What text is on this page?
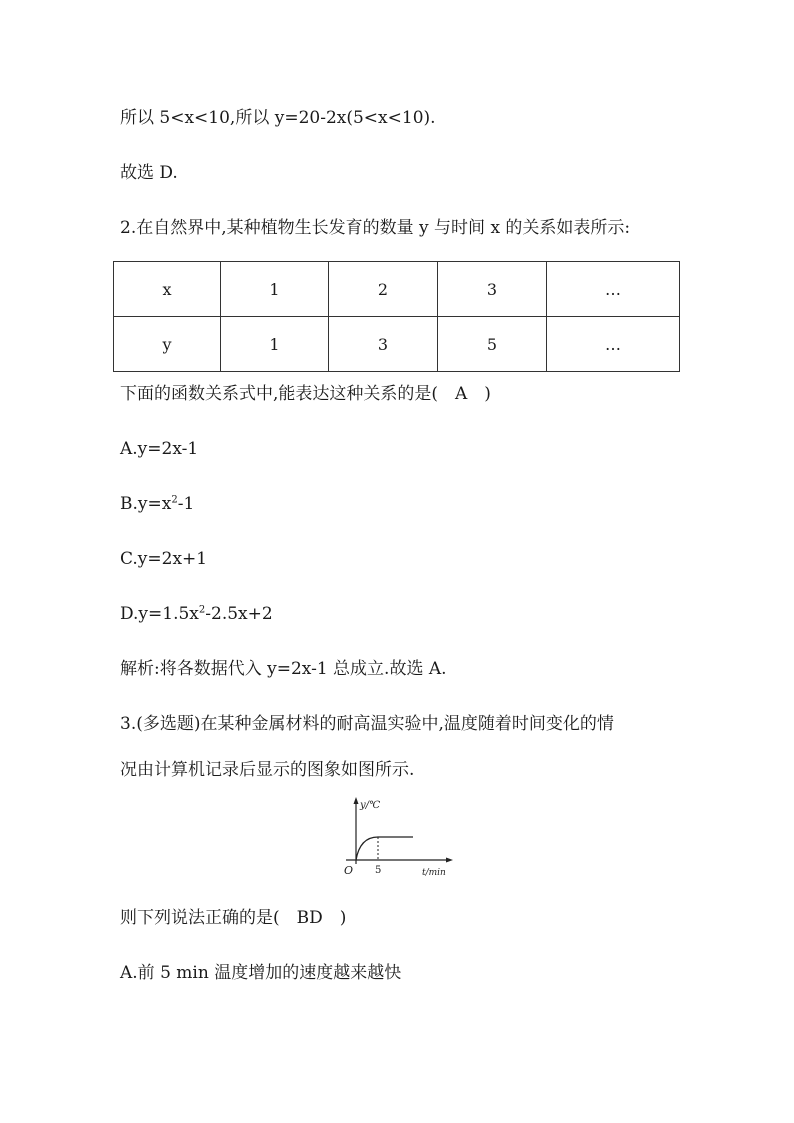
所以 5<x<10,所以 y=20-2x(5<x<10).
故选 D.
2.在自然界中,某种植物生长发育的数量 y 与时间 x 的关系如表所示:
x	1	2	3	…
y	1	3	5	…
下面的函数关系式中,能表达这种关系的是(　A　)
A.y=2x-1
$B.y=x^2-1$
C.y=2x+1
$D.y=1.5x^2-2.5x+2$
解析:将各数据代入 y=2x-1 总成立.故选 A.
3.(多选题)在某种金属材料的耐高温实验中,温度随着时间变化的情
况由计算机记录后显示的图象如图所示.
y/℃
O 5	t/min
则下列说法正确的是(　BD　)
A.前 5 min 温度增加的速度越来越快
